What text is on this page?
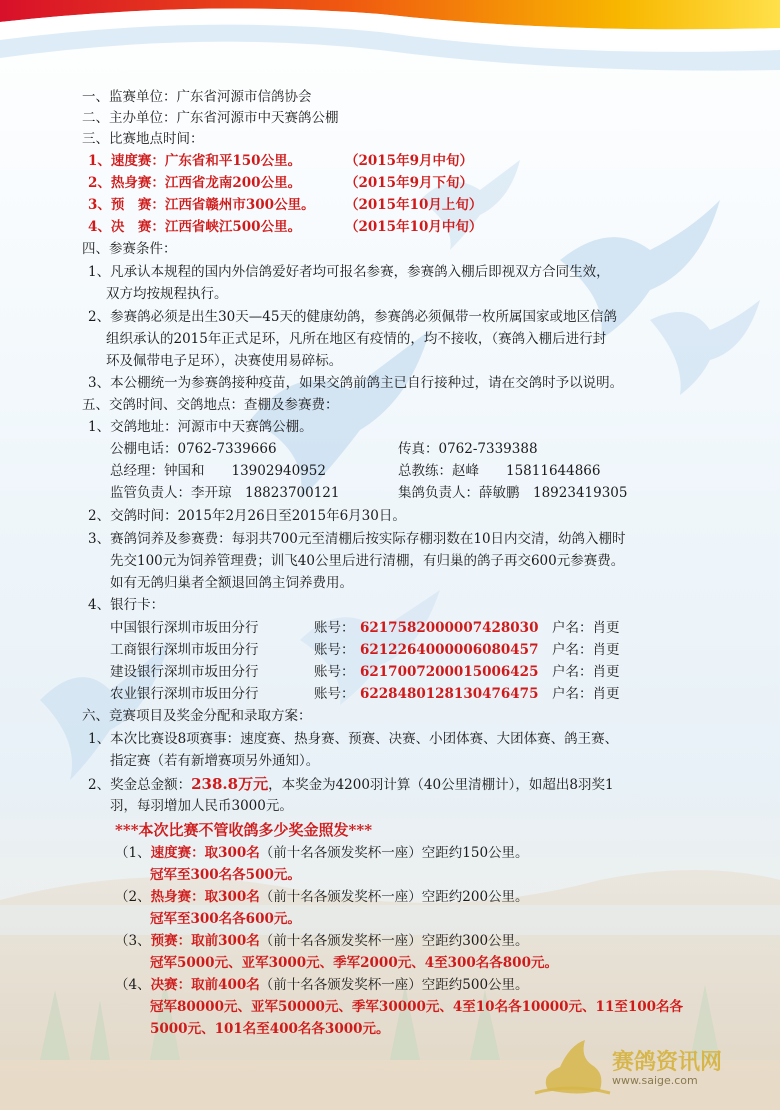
一、监赛单位：广东省河源市信鸽协会
二、主办单位：广东省河源市中天赛鸽公棚
三、比赛地点时间：
1、速度赛：广东省和平150公里。	（2015年9月中旬）
2、热身赛：江西省龙南200公里。	（2015年9月下旬）
3、预　赛：江西省赣州市300公里。 （2015年10月上旬）
4、决　赛：江西省峡江500公里。	（2015年10月中旬）
四、参赛条件：
1、凡承认本规程的国内外信鸽爱好者均可报名参赛，参赛鸽入棚后即视双方合同生效，
双方均按规程执行。
2、参赛鸽必须是出生30天—45天的健康幼鸽，参赛鸽必须佩带一枚所属国家或地区信鸽
组织承认的2015年正式足环，凡所在地区有疫情的，均不接收，（赛鸽入棚后进行封
环及佩带电子足环），决赛使用易碎标。
3、本公棚统一为参赛鸽接种疫苗，如果交鸽前鸽主已自行接种过，请在交鸽时予以说明。
五、交鸽时间、交鸽地点：查棚及参赛费：
1、交鸽地址：河源市中天赛鸽公棚。
公棚电话：0762-7339666	传真：0762-7339388
总经理：钟国和　　13902940952	总教练：赵峰　　15811644866
监管负责人：李开琼　18823700121	集鸽负责人：薛敏鹏　18923419305
2、交鸽时间：2015年2月26日至2015年6月30日。
3、赛鸽饲养及参赛费：每羽共700元至清棚后按实际存棚羽数在10日内交清，幼鸽入棚时
先交100元为饲养管理费；训飞40公里后进行清棚，有归巢的鸽子再交600元参赛费。
如有无鸽归巢者全额退回鸽主饲养费用。
4、银行卡：
中国银行深圳市坂田分行	账号： 6217582000007428030 户名：肖更
工商银行深圳市坂田分行	账号： 6212264000006080457 户名：肖更
建设银行深圳市坂田分行	账号： 6217007200015006425 户名：肖更
农业银行深圳市坂田分行	账号： 6228480128130476475 户名：肖更
六、竞赛项目及奖金分配和录取方案：
1、本次比赛设8项赛事：速度赛、热身赛、预赛、决赛、小团体赛、大团体赛、鸽王赛、
指定赛（若有新增赛项另外通知）。
2、奖金总金额：238.8万元，本奖金为4200羽计算（40公里清棚计），如超出8羽奖1
羽，每羽增加人民币3000元。
***本次比赛不管收鸽多少奖金照发***
（1、速度赛：取300名（前十名各颁发奖杯一座）空距约150公里。
冠军至300名各500元。
（2、热身赛：取300名（前十名各颁发奖杯一座）空距约200公里。
冠军至300名各600元。
（3、预赛：取前300名（前十名各颁发奖杯一座）空距约300公里。
冠军5000元、亚军3000元、季军2000元、4至300名各800元。
（4、决赛：取前400名（前十名各颁发奖杯一座）空距约500公里。
冠军80000元、亚军50000元、季军30000元、4至10名各10000元、11至100名各
5000元、101名至400名各3000元。
赛鸽资讯网
www.saige.com
